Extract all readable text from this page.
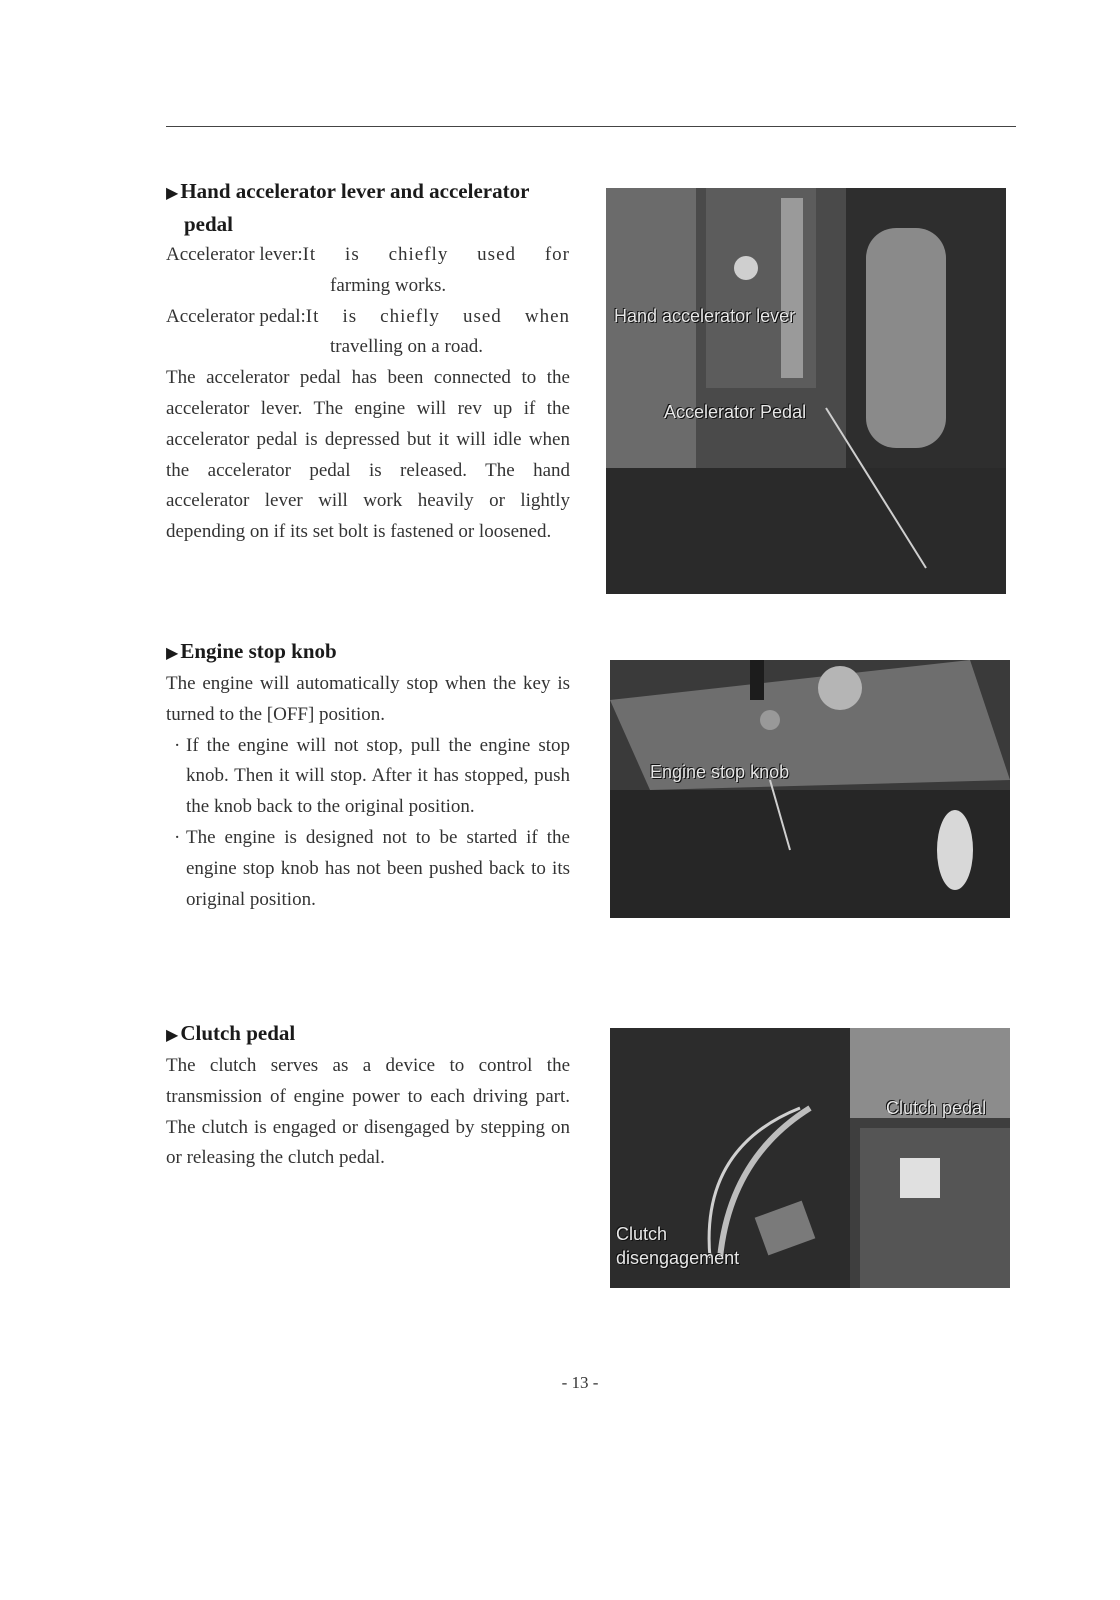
▶Hand accelerator lever and accelerator
pedal
Accelerator lever: It is chiefly used for
farming works.
Accelerator pedal: It is chiefly used when
travelling on a road.

The accelerator pedal has been connected to the accelerator lever. The engine will rev up if the accelerator pedal is depressed but it will idle when the accelerator pedal is released. The hand accelerator lever will work heavily or lightly depending on if its set bolt is fastened or loosened.

Hand accelerator lever
Accelerator Pedal
▶Engine stop knob

The engine will automatically stop when the key is turned to the [OFF] position.

· If the engine will not stop, pull the engine stop knob. Then it will stop. After it has stopped, push the knob back to the original position.
· The engine is designed not to be started if the engine stop knob has not been pushed back to its original position.
Engine stop knob
▶Clutch pedal

The clutch serves as a device to control the transmission of engine power to each driving part. The clutch is engaged or disengaged by stepping on or releasing the clutch pedal.

Clutch pedal
Clutch
disengagement
- 13 -
